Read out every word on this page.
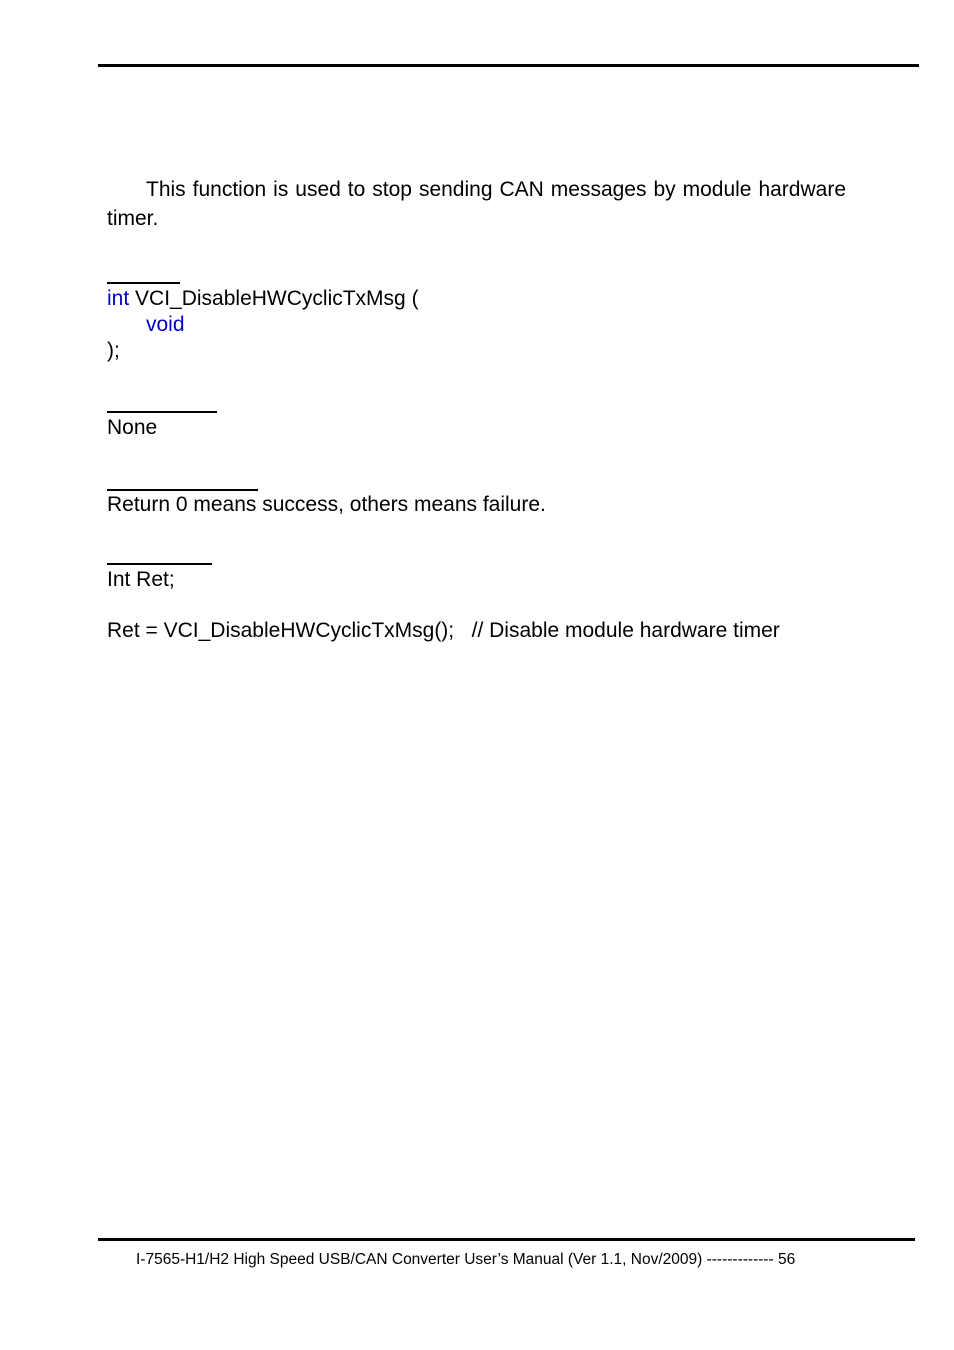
This function is used to stop sending CAN messages by module hardware timer.
int VCI_DisableHWCyclicTxMsg (
void
);
None
Return 0 means success, others means failure.
Int Ret;
Ret = VCI_DisableHWCyclicTxMsg();   // Disable module hardware timer
I-7565-H1/H2 High Speed USB/CAN Converter User’s Manual (Ver 1.1, Nov/2009) ------------- 56
